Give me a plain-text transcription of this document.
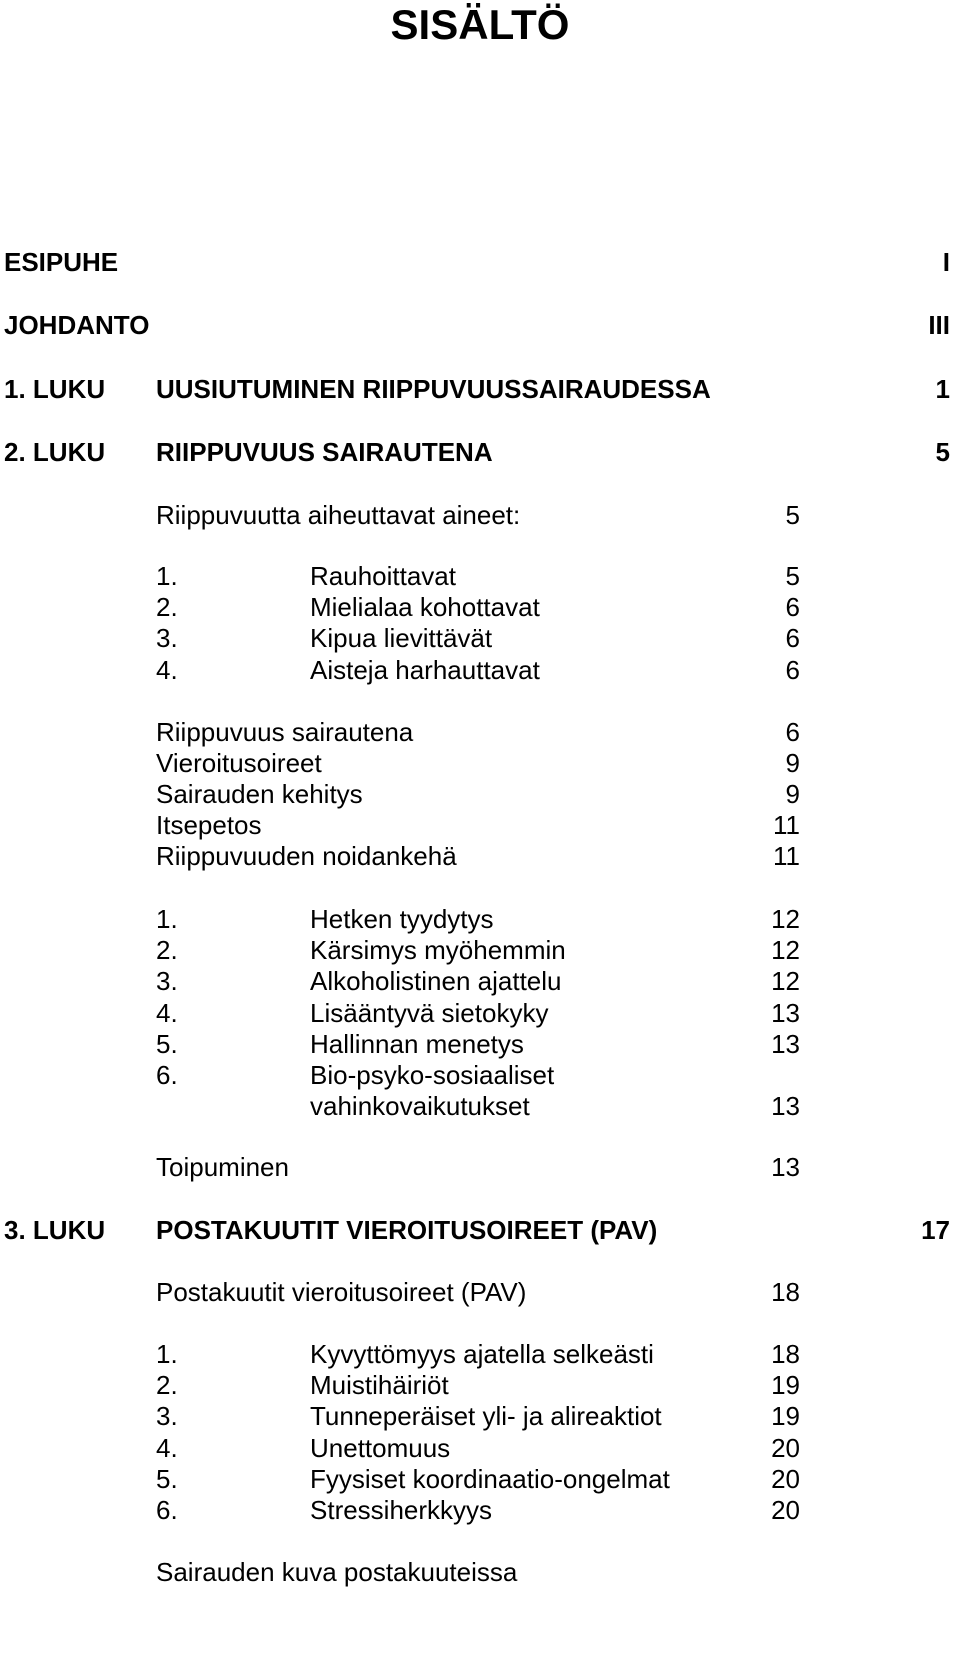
SISÄLTÖ
ESIPUHE	I
JOHDANTO	III
1. LUKU UUSIUTUMINEN RIIPPUVUUSSAIRAUDESSA	1
2. LUKU RIIPPUVUUS SAIRAUTENA	5
Riippuvuutta aiheuttavat aineet:	5
1.	Rauhoittavat	5
2.	Mielialaa kohottavat	6
3.	Kipua lievittävät	6
4.	Aisteja harhauttavat	6
Riippuvuus sairautena	6
Vieroitusoireet	9
Sairauden kehitys	9
Itsepetos	11
Riippuvuuden noidankehä	11
1.	Hetken tyydytys	12
2.	Kärsimys myöhemmin	12
3.	Alkoholistinen ajattelu	12
4.	Lisääntyvä sietokyky	13
5.	Hallinnan menetys	13
6.	Bio-psyko-sosiaaliset
vahinkovaikutukset	13
Toipuminen	13
3. LUKU POSTAKUUTIT VIEROITUSOIREET (PAV)	17
Postakuutit vieroitusoireet (PAV)	18
1.	Kyvyttömyys ajatella selkeästi	18
2.	Muistihäiriöt	19
3.	Tunneperäiset yli- ja alireaktiot	19
4.	Unettomuus	20
5.	Fyysiset koordinaatio-ongelmat	20
6.	Stressiherkkyys	20
Sairauden kuva postakuuteissa
